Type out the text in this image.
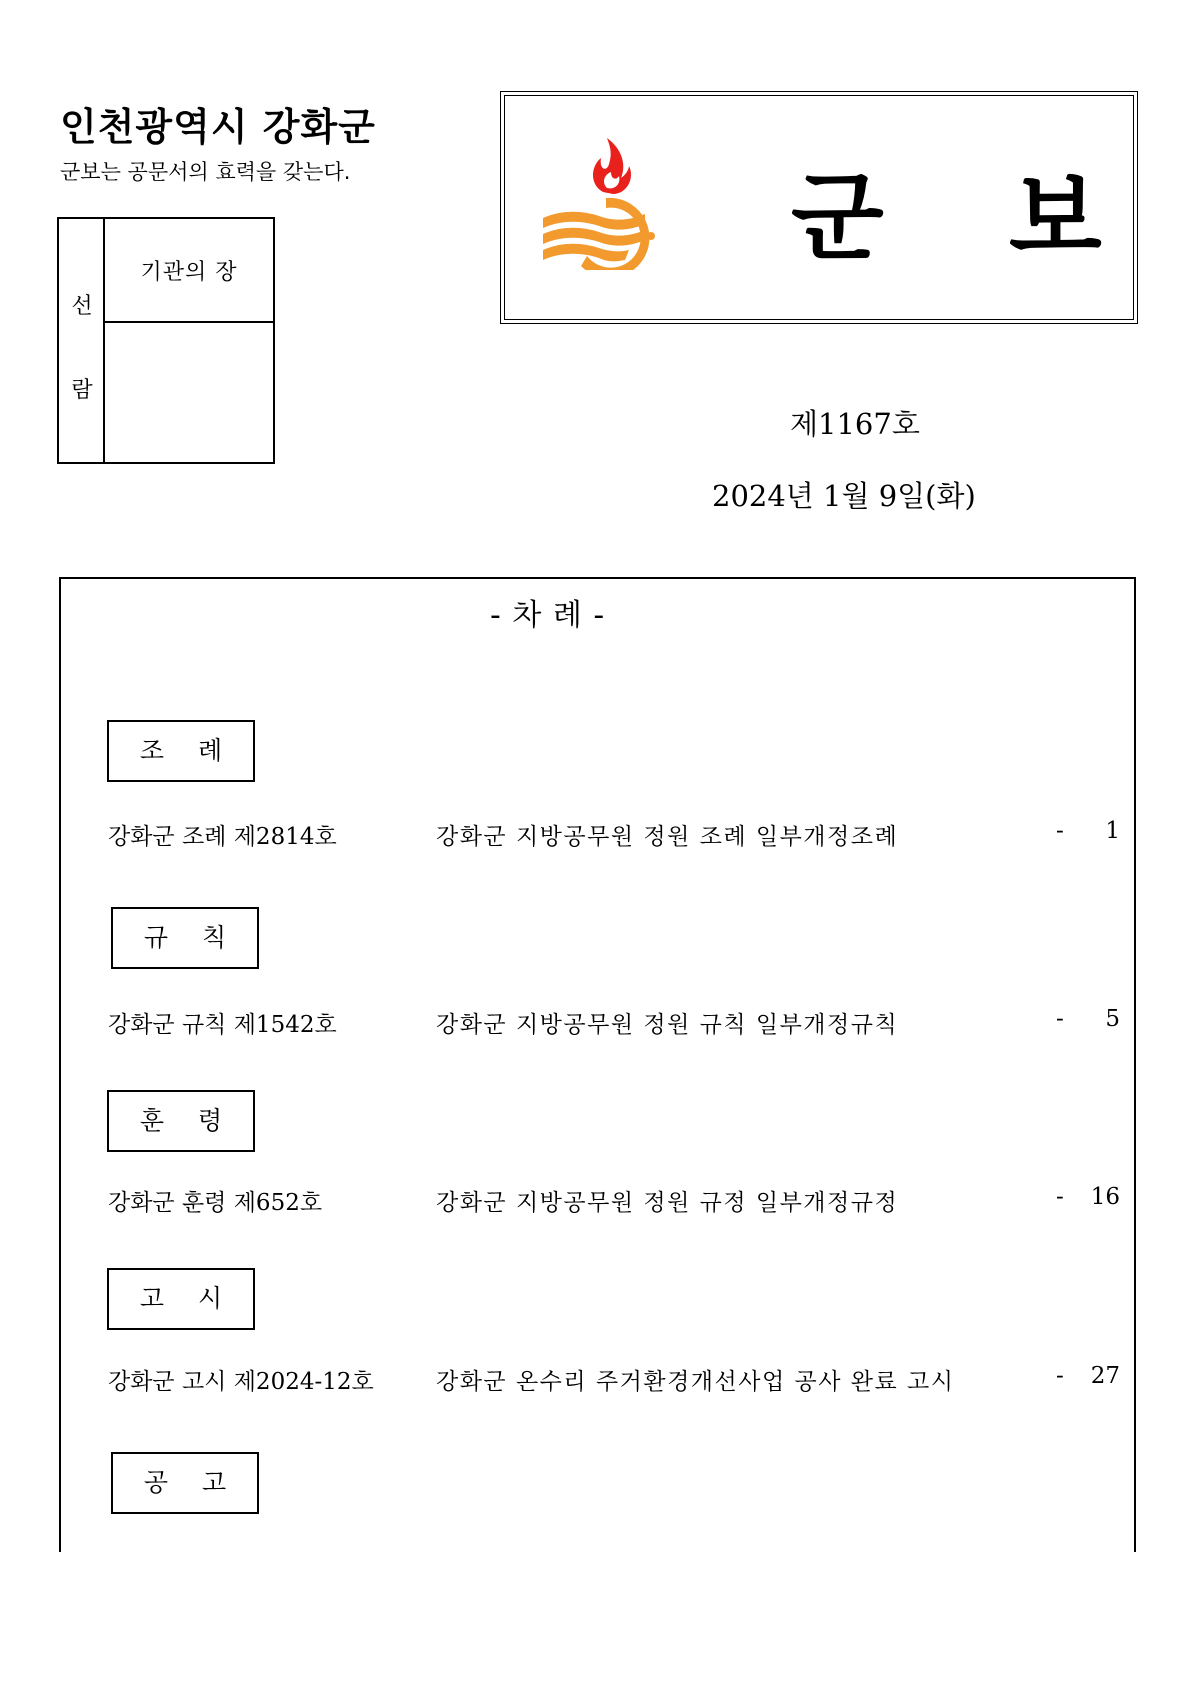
인천광역시 강화군
군보는 공문서의 효력을 갖는다.
선
람
기관의 장	군 보
제1167호
2024년 1월 9일(화)
- 차 례 -
조 례
강화군 조례 제2814호	강화군 지방공무원 정원 조례 일부개정조례	-	1
규 칙
강화군 규칙 제1542호	강화군 지방공무원 정원 규칙 일부개정규칙	-	5
훈 령
강화군 훈령 제652호	강화군 지방공무원 정원 규정 일부개정규정	-	16
고 시
강화군 고시 제2024-12호	강화군 온수리 주거환경개선사업 공사 완료 고시	-	27
공 고
